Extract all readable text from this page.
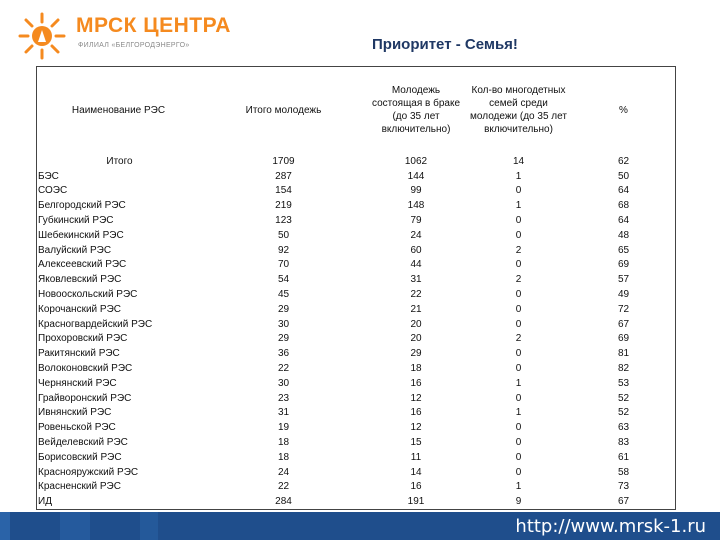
МРСК ЦЕНТРА
ФИЛИАЛ «БЕЛГОРОДЭНЕРГО»	Приоритет - Семья!
Наименование РЭС	Итого молодежь	Молодежь состоящая в браке (до 35 лет включительно)	Кол-во многодетных семей среди молодежи (до 35 лет включительно)	%
Итого	1709	1062	14	62
БЭС	287	144	1	50
СОЭС	154	99	0	64
Белгородский РЭС	219	148	1	68
Губкинский РЭС	123	79	0	64
Шебекинский РЭС	50	24	0	48
Валуйский РЭС	92	60	2	65
Алексеевский РЭС	70	44	0	69
Яковлевский РЭС	54	31	2	57
Новооскольский РЭС	45	22	0	49
Корочанский РЭС	29	21	0	72
Красногвардейский РЭС	30	20	0	67
Прохоровский РЭС	29	20	2	69
Ракитянский РЭС	36	29	0	81
Волоконовский РЭС	22	18	0	82
Чернянский РЭС	30	16	1	53
Грайворонский РЭС	23	12	0	52
Ивнянский РЭС	31	16	1	52
Ровеньской РЭС	19	12	0	63
Вейделевский РЭС	18	15	0	83
Борисовский РЭС	18	11	0	61
Краснояружский РЭС	24	14	0	58
Красненский РЭС	22	16	1	73
ИД	284	191	9	67
http://www.mrsk-1.ru
